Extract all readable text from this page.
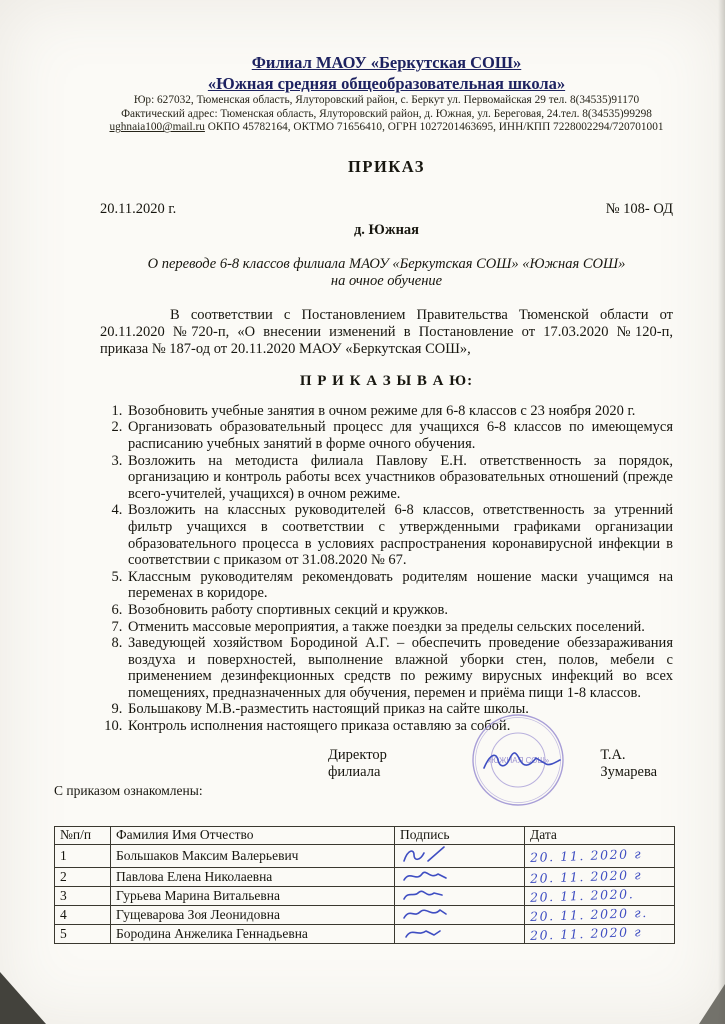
Филиал МАОУ «Беркутская СОШ»
«Южная средняя общеобразовательная школа»
Юр: 627032, Тюменская область, Ялуторовский район, с. Беркут ул. Первомайская 29 тел. 8(34535)91170
Фактический адрес: Тюменская область, Ялуторовский район, д. Южная, ул. Береговая, 24.тел. 8(34535)99298
ughnaia100@mail.ru ОКПО 45782164, ОКТМО 71656410, ОГРН 1027201463695, ИНН/КПП 7228002294/720701001
ПРИКАЗ
20.11.2020 г.	№ 108- ОД
д. Южная
О переводе 6-8 классов филиала МАОУ «Беркутская СОШ» «Южная СОШ»
на очное обучение

В соответствии с Постановлением Правительства Тюменской области от 20.11.2020 №720-п, «О внесении изменений в Постановление от 17.03.2020 №120-п, приказа № 187-од от 20.11.2020 МАОУ «Беркутская СОШ»,

П Р И К А З Ы В А Ю:
1. Возобновить учебные занятия в очном режиме для 6-8 классов с 23 ноября 2020 г.
2. Организовать образовательный процесс для учащихся 6-8 классов по имеющемуся расписанию учебных занятий в форме очного обучения.
3. Возложить на методиста филиала Павлову Е.Н. ответственность за порядок, организацию и контроль работы всех участников образовательных отношений (прежде всего-учителей, учащихся) в очном режиме.
4. Возложить на классных руководителей 6-8 классов, ответственность за утренний фильтр учащихся в соответствии с утвержденными графиками организации образовательного процесса в условиях распространения коронавирусной инфекции в соответствии с приказом от 31.08.2020 № 67.
5. Классным руководителям рекомендовать родителям ношение маски учащимся на переменах в коридоре.
6. Возобновить работу спортивных секций и кружков.
7. Отменить массовые мероприятия, а также поездки за пределы сельских поселений.
8. Заведующей хозяйством Бородиной А.Г. – обеспечить проведение обеззараживания воздуха и поверхностей, выполнение влажной уборки стен, полов, мебели с применением дезинфекционных средств по режиму вирусных инфекций во всех помещениях, предназначенных для обучения, перемен и приёма пищи 1-8 классов.
9. Большакову М.В.-разместить настоящий приказ на сайте школы.
10. Контроль исполнения настоящего приказа оставляю за собой.
Директор филиала
«ЮЖНАЯ СОШ»	Т.А. Зумарева
С приказом ознакомлены:
№п/п	Фамилия Имя Отчество	Подпись	Дата
1	Большаков Максим Валерьевич		20. 11. 2020 г
2	Павлова Елена Николаевна		20. 11. 2020 г
3	Гурьева Марина Витальевна		20. 11. 2020.
4	Гущеварова Зоя Леонидовна		20. 11. 2020 г.
5	Бородина Анжелика Геннадьевна		20. 11. 2020 г
